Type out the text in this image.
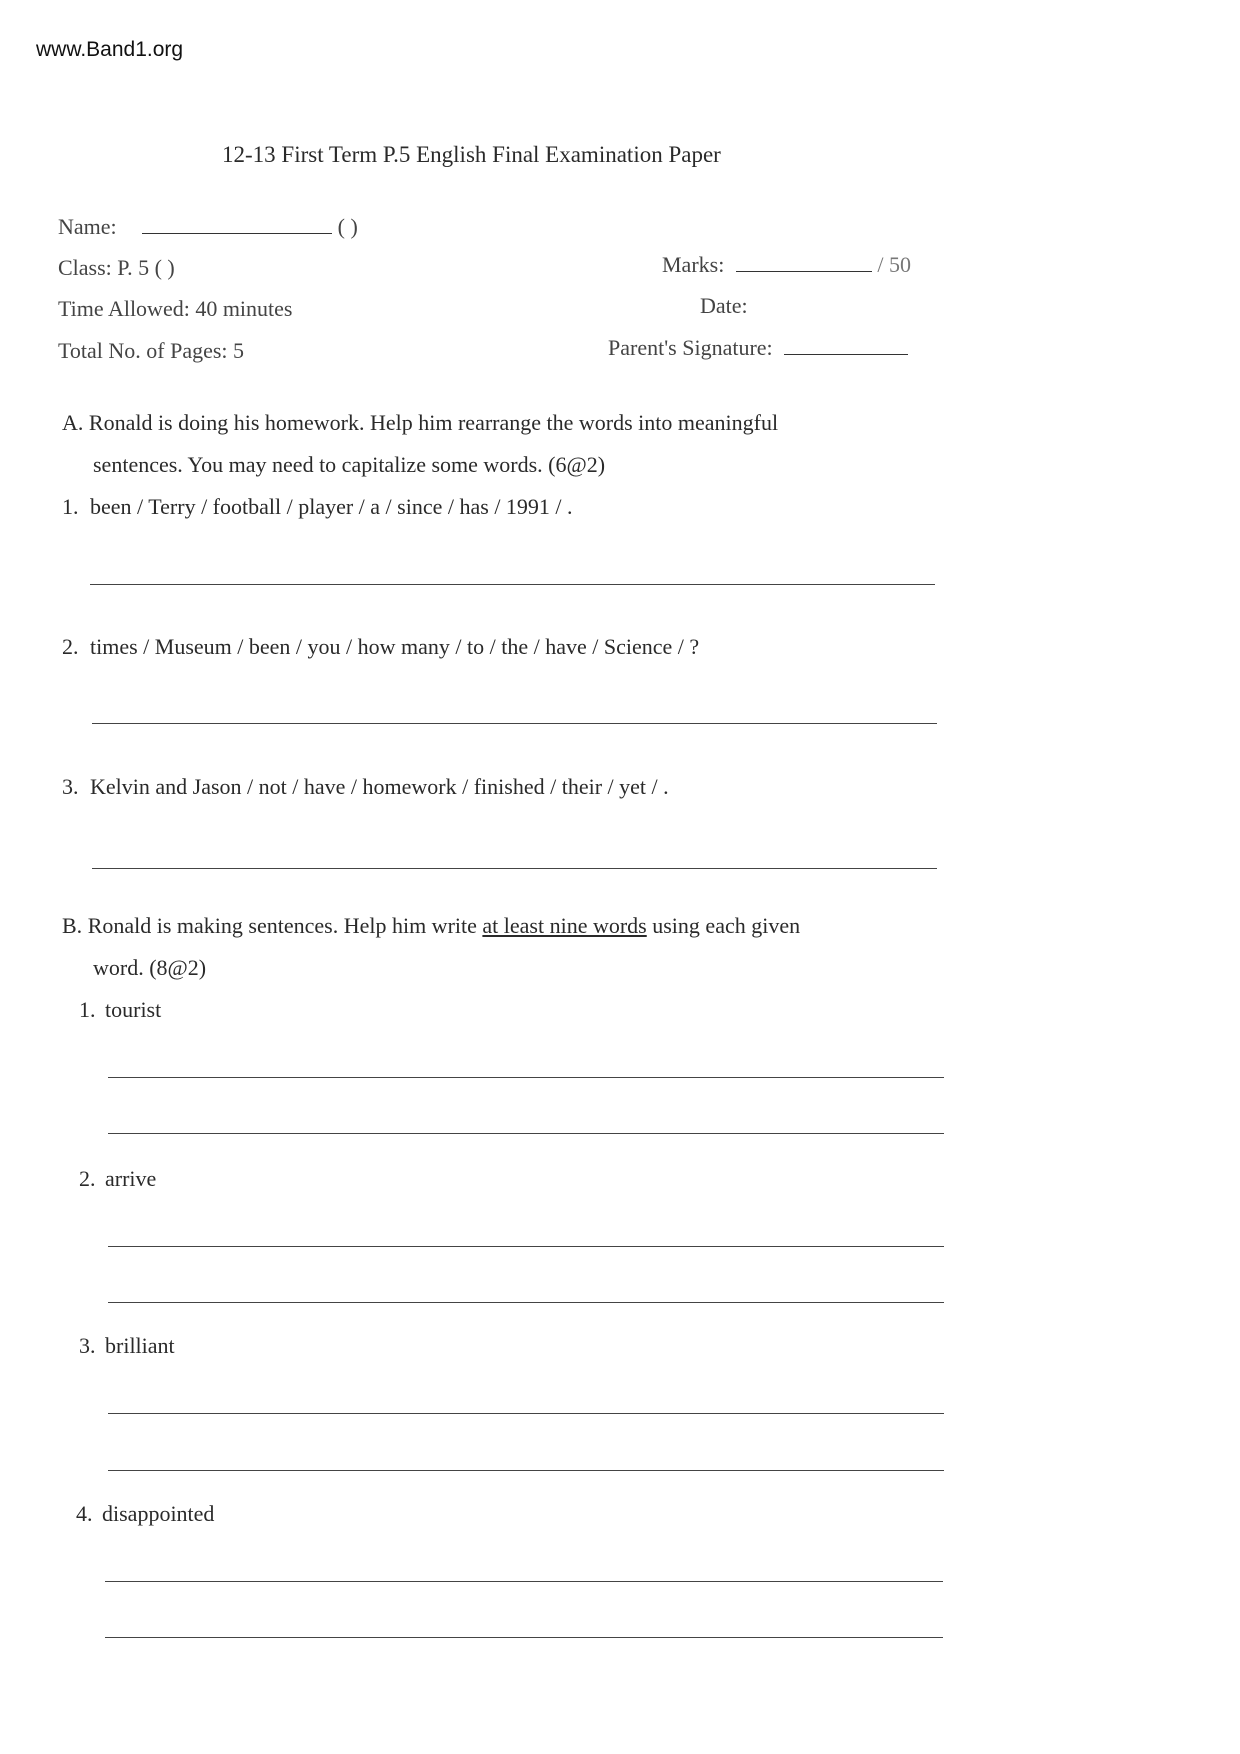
www.Band1.org
12-13 First Term P.5 English Final Examination Paper
Name:	( )
Class: P. 5 ( )
Time Allowed: 40 minutes
Total No. of Pages: 5
Marks:	/ 50
Date:
Parent's Signature:
A. Ronald is doing his homework. Help him rearrange the words into meaningful
sentences. You may need to capitalize some words. (6@2)
1. been / Terry / football / player / a / since / has / 1991 / .
2. times / Museum / been / you / how many / to / the / have / Science / ?
3. Kelvin and Jason / not / have / homework / finished / their / yet / .
B. Ronald is making sentences. Help him write at least nine words using each given
word. (8@2)
1. tourist
2. arrive
3. brilliant
4. disappointed
